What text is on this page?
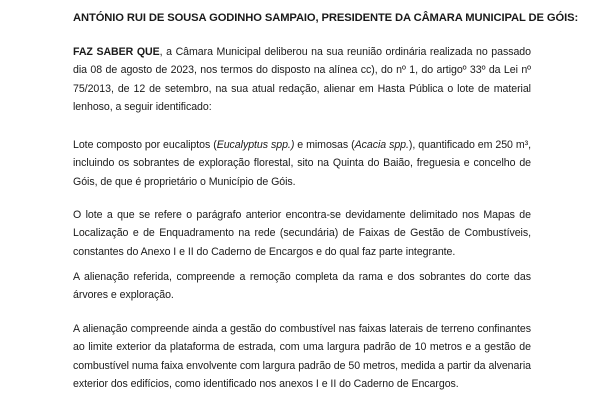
ANTÓNIO RUI DE SOUSA GODINHO SAMPAIO, PRESIDENTE DA CÂMARA MUNICIPAL DE GÓIS:
FAZ SABER QUE, a Câmara Municipal deliberou na sua reunião ordinária realizada no passado dia 08 de agosto de 2023, nos termos do disposto na alínea cc), do nº 1, do artigoº 33º da Lei nº 75/2013, de 12 de setembro, na sua atual redação, alienar em Hasta Pública o lote de material lenhoso, a seguir identificado:
Lote composto por eucaliptos (Eucalyptus spp.) e mimosas (Acacia spp.), quantificado em 250 m³, incluindo os sobrantes de exploração florestal, sito na Quinta do Baião, freguesia e concelho de Góis, de que é proprietário o Município de Góis.
O lote a que se refere o parágrafo anterior encontra-se devidamente delimitado nos Mapas de Localização e de Enquadramento na rede (secundária) de Faixas de Gestão de Combustíveis, constantes do Anexo I e II do Caderno de Encargos e do qual faz parte integrante.
A alienação referida, compreende a remoção completa da rama e dos sobrantes do corte das árvores e exploração.
A alienação compreende ainda a gestão do combustível nas faixas laterais de terreno confinantes ao limite exterior da plataforma de estrada, com uma largura padrão de 10 metros e a gestão de combustível numa faixa envolvente com largura padrão de 50 metros, medida a partir da alvenaria exterior dos edifícios, como identificado nos anexos I e II do Caderno de Encargos.
